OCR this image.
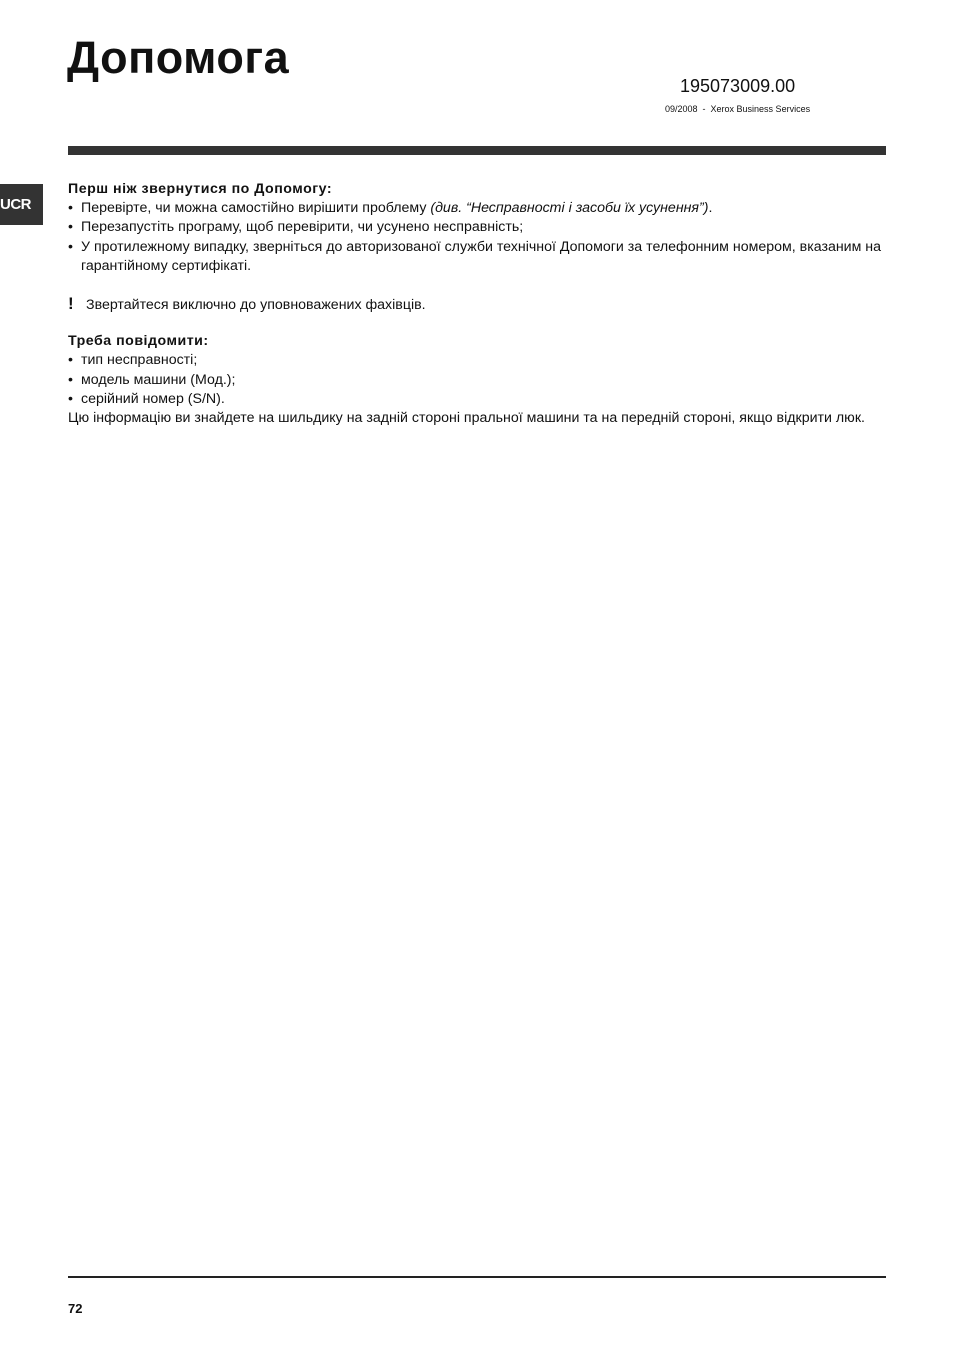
Допомога
195073009.00
09/2008  -  Xerox Business Services
UCR
Перш ніж звернутися по Допомогу:
• Перевірте, чи можна самостійно вирішити проблему (див. “Несправності і засоби їх усунення”).
• Перезапустіть програму, щоб перевірити, чи усунено несправність;
• У протилежному випадку, зверніться до авторизованої служби технічної Допомоги за телефонним номером, вказаним на гарантійному сертифікаті.
! Звертайтеся виключно до уповноважених фахівців.
Треба повідомити:
• тип несправності;
• модель машини (Мод.);
• серійний номер (S/N).
Цю інформацію ви знайдете на шильдику на задній стороні пральної машини та на передній стороні, якщо відкрити люк.
72
